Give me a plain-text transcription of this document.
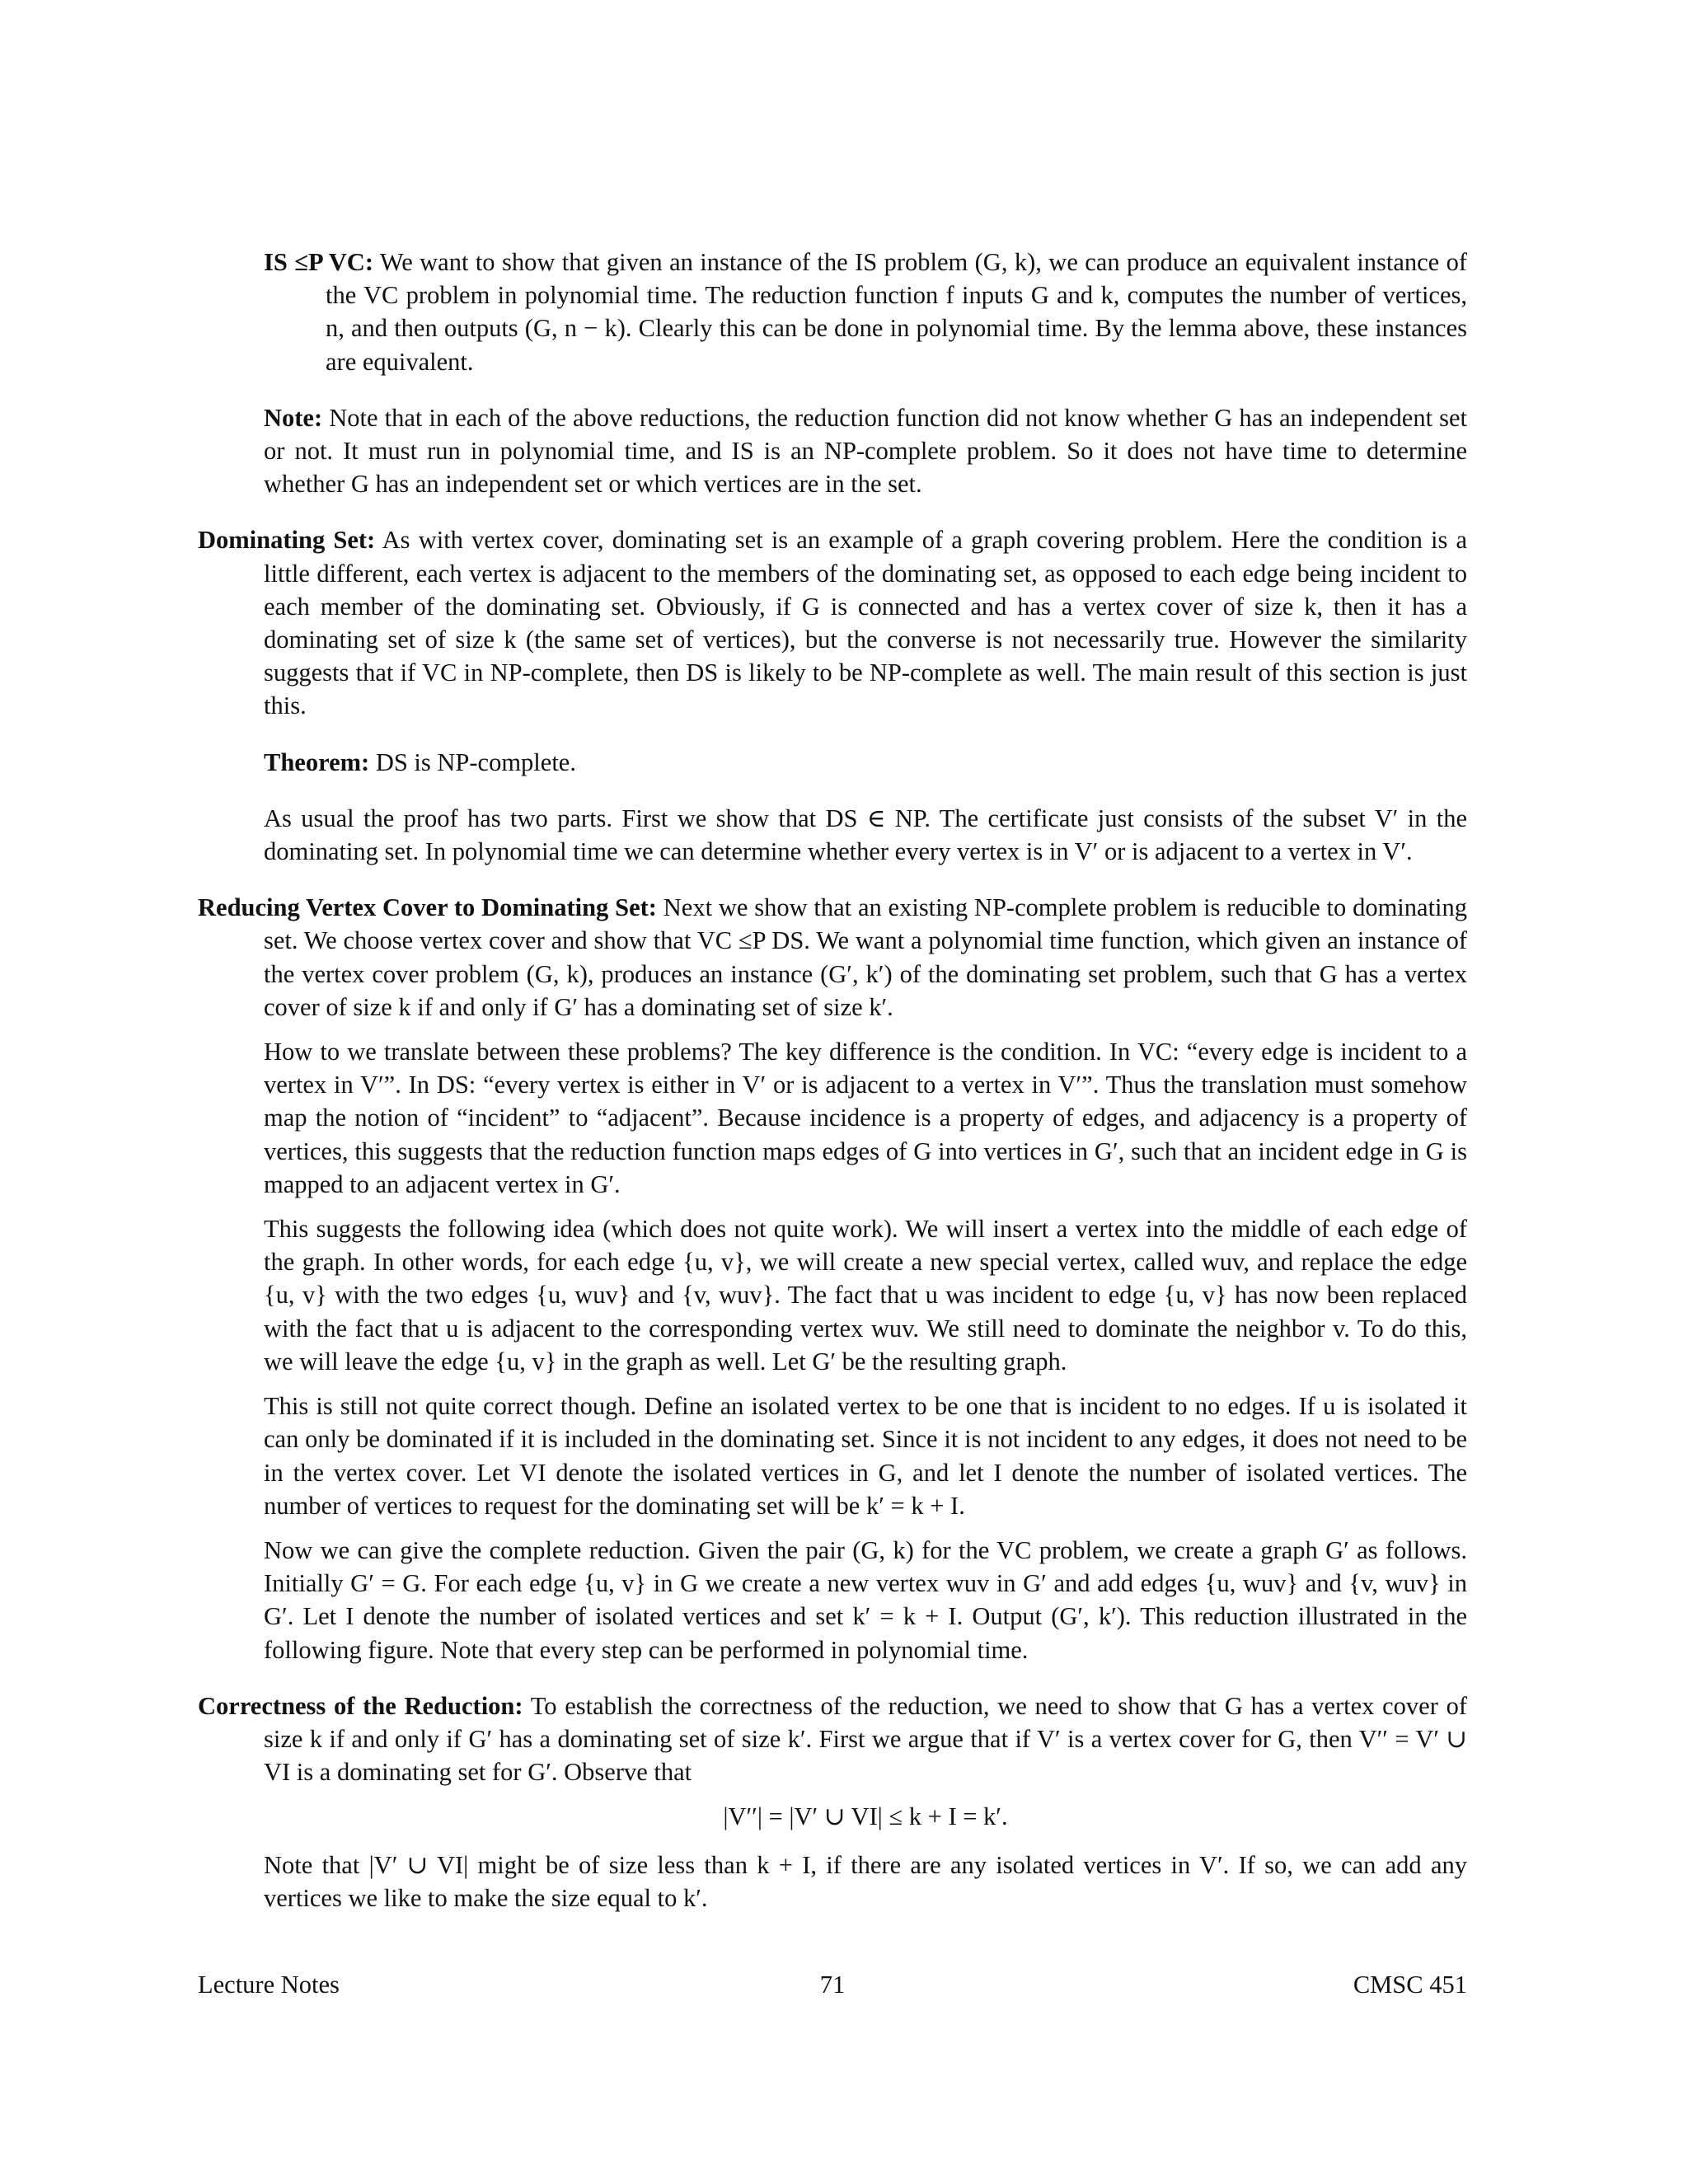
IS ≤P VC: We want to show that given an instance of the IS problem (G, k), we can produce an equivalent instance of the VC problem in polynomial time. The reduction function f inputs G and k, computes the number of vertices, n, and then outputs (G, n − k). Clearly this can be done in polynomial time. By the lemma above, these instances are equivalent.

Note: Note that in each of the above reductions, the reduction function did not know whether G has an independent set or not. It must run in polynomial time, and IS is an NP-complete problem. So it does not have time to determine whether G has an independent set or which vertices are in the set.

Dominating Set: As with vertex cover, dominating set is an example of a graph covering problem. Here the condition is a little different, each vertex is adjacent to the members of the dominating set, as opposed to each edge being incident to each member of the dominating set. Obviously, if G is connected and has a vertex cover of size k, then it has a dominating set of size k (the same set of vertices), but the converse is not necessarily true. However the similarity suggests that if VC in NP-complete, then DS is likely to be NP-complete as well. The main result of this section is just this.

Theorem: DS is NP-complete.

As usual the proof has two parts. First we show that DS ∈ NP. The certificate just consists of the subset V′ in the dominating set. In polynomial time we can determine whether every vertex is in V′ or is adjacent to a vertex in V′.

Reducing Vertex Cover to Dominating Set: Next we show that an existing NP-complete problem is reducible to dominating set. We choose vertex cover and show that VC ≤P DS. We want a polynomial time function, which given an instance of the vertex cover problem (G, k), produces an instance (G′, k′) of the dominating set problem, such that G has a vertex cover of size k if and only if G′ has a dominating set of size k′.

How to we translate between these problems? The key difference is the condition. In VC: “every edge is incident to a vertex in V′”. In DS: “every vertex is either in V′ or is adjacent to a vertex in V′”. Thus the translation must somehow map the notion of “incident” to “adjacent”. Because incidence is a property of edges, and adjacency is a property of vertices, this suggests that the reduction function maps edges of G into vertices in G′, such that an incident edge in G is mapped to an adjacent vertex in G′.

This suggests the following idea (which does not quite work). We will insert a vertex into the middle of each edge of the graph. In other words, for each edge {u, v}, we will create a new special vertex, called wuv, and replace the edge {u, v} with the two edges {u, wuv} and {v, wuv}. The fact that u was incident to edge {u, v} has now been replaced with the fact that u is adjacent to the corresponding vertex wuv. We still need to dominate the neighbor v. To do this, we will leave the edge {u, v} in the graph as well. Let G′ be the resulting graph.

This is still not quite correct though. Define an isolated vertex to be one that is incident to no edges. If u is isolated it can only be dominated if it is included in the dominating set. Since it is not incident to any edges, it does not need to be in the vertex cover. Let VI denote the isolated vertices in G, and let I denote the number of isolated vertices. The number of vertices to request for the dominating set will be k′ = k + I.

Now we can give the complete reduction. Given the pair (G, k) for the VC problem, we create a graph G′ as follows. Initially G′ = G. For each edge {u, v} in G we create a new vertex wuv in G′ and add edges {u, wuv} and {v, wuv} in G′. Let I denote the number of isolated vertices and set k′ = k + I. Output (G′, k′). This reduction illustrated in the following figure. Note that every step can be performed in polynomial time.

Correctness of the Reduction: To establish the correctness of the reduction, we need to show that G has a vertex cover of size k if and only if G′ has a dominating set of size k′. First we argue that if V′ is a vertex cover for G, then V′′ = V′ ∪ VI is a dominating set for G′. Observe that

|V′′| = |V′ ∪ VI| ≤ k + I = k′.

Note that |V′ ∪ VI| might be of size less than k + I, if there are any isolated vertices in V′. If so, we can add any vertices we like to make the size equal to k′.

Lecture Notes	71	CMSC 451
